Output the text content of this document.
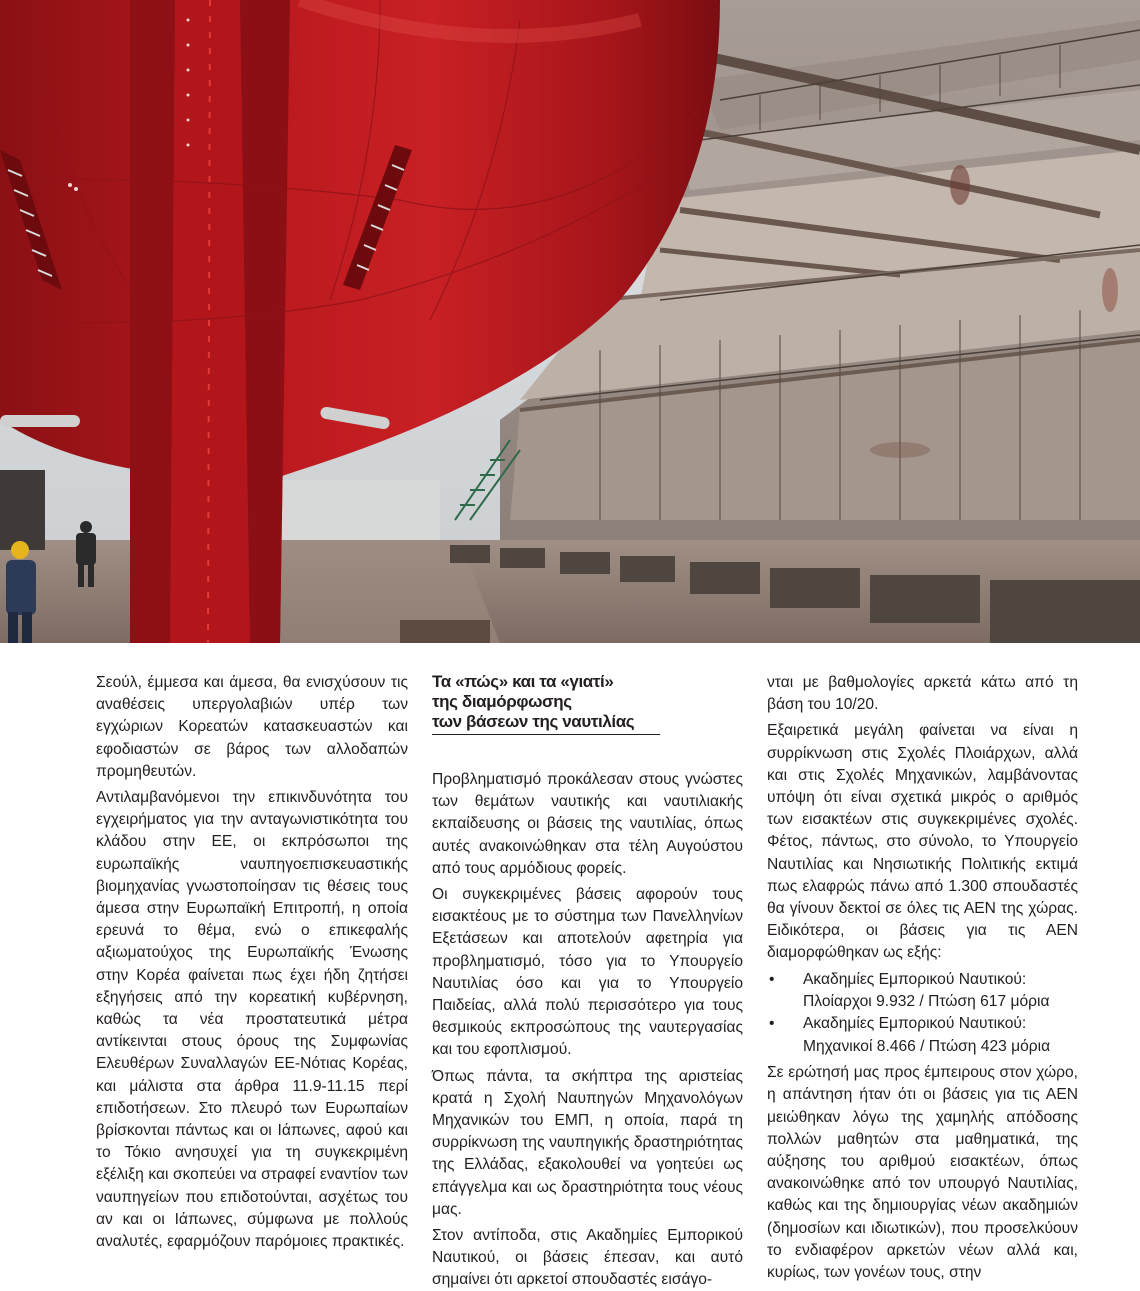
Σεούλ, έμμεσα και άμεσα, θα ενισχύσουν τις αναθέσεις υπεργολαβιών υπέρ των εγχώριων Κορεατών κατασκευαστών και εφοδιαστών σε βάρος των αλλοδαπών προμηθευτών.

Αντιλαμβανόμενοι την επικινδυνότητα του εγχειρήματος για την ανταγωνιστικότητα του κλάδου στην ΕΕ, οι εκπρόσωποι της ευρωπαϊκής ναυπηγοεπισκευαστικής βιομηχανίας γνωστοποίησαν τις θέσεις τους άμεσα στην Ευρωπαϊκή Επιτροπή, η οποία ερευνά το θέμα, ενώ ο επικεφαλής αξιωματούχος της Ευρωπαϊκής Ένωσης στην Κορέα φαίνεται πως έχει ήδη ζητήσει εξηγήσεις από την κορεατική κυβέρνηση, καθώς τα νέα προστατευτικά μέτρα αντίκεινται στους όρους της Συμφωνίας Ελευθέρων Συναλλαγών ΕΕ-Νότιας Κορέας, και μάλιστα στα άρθρα 11.9-11.15 περί επιδοτήσεων. Στο πλευρό των Ευρωπαίων βρίσκονται πάντως και οι Ιάπωνες, αφού και το Τόκιο ανησυχεί για τη συγκεκριμένη εξέλιξη και σκοπεύει να στραφεί εναντίον των ναυπηγείων που επιδοτούνται, ασχέτως του αν και οι Ιάπωνες, σύμφωνα με πολλούς αναλυτές, εφαρμόζουν παρόμοιες πρακτικές.

Τα «πώς» και τα «γιατί»
της διαμόρφωσης
των βάσεων της ναυτιλίας

Προβληματισμό προκάλεσαν στους γνώστες των θεμάτων ναυτικής και ναυτιλιακής εκπαίδευσης οι βάσεις της ναυτιλίας, όπως αυτές ανακοινώθηκαν στα τέλη Αυγούστου από τους αρμόδιους φορείς.

Οι συγκεκριμένες βάσεις αφορούν τους εισακτέους με το σύστημα των Πανελληνίων Εξετάσεων και αποτελούν αφετηρία για προβληματισμό, τόσο για το Υπουργείο Ναυτιλίας όσο και για το Υπουργείο Παιδείας, αλλά πολύ περισσότερο για τους θεσμικούς εκπροσώπους της ναυτεργασίας και του εφοπλισμού.

Όπως πάντα, τα σκήπτρα της αριστείας κρατά η Σχολή Ναυπηγών Μηχανολόγων Μηχανικών του ΕΜΠ, η οποία, παρά τη συρρίκνωση της ναυπηγικής δραστηριότητας της Ελλάδας, εξακολουθεί να γοητεύει ως επάγγελμα και ως δραστηριότητα τους νέους μας.

Στον αντίποδα, στις Ακαδημίες Εμπορικού Ναυτικού, οι βάσεις έπεσαν, και αυτό σημαίνει ότι αρκετοί σπουδαστές εισάγο-

νται με βαθμολογίες αρκετά κάτω από τη βάση του 10/20.

Εξαιρετικά μεγάλη φαίνεται να είναι η συρρίκνωση στις Σχολές Πλοιάρχων, αλλά και στις Σχολές Μηχανικών, λαμβάνοντας υπόψη ότι είναι σχετικά μικρός ο αριθμός των εισακτέων στις συγκεκριμένες σχολές. Φέτος, πάντως, στο σύνολο, το Υπουργείο Ναυτιλίας και Νησιωτικής Πολιτικής εκτιμά πως ελαφρώς πάνω από 1.300 σπουδαστές θα γίνουν δεκτοί σε όλες τις ΑΕΝ της χώρας. Ειδικότερα, οι βάσεις για τις ΑΕΝ διαμορφώθηκαν ως εξής:

• Ακαδημίες Εμπορικού Ναυτικού:
Πλοίαρχοι 9.932 / Πτώση 617 μόρια
• Ακαδημίες Εμπορικού Ναυτικού:
Μηχανικοί 8.466 / Πτώση 423 μόρια

Σε ερώτησή μας προς έμπειρους στον χώρο, η απάντηση ήταν ότι οι βάσεις για τις ΑΕΝ μειώθηκαν λόγω της χαμηλής απόδοσης πολλών μαθητών στα μαθηματικά, της αύξησης του αριθμού εισακτέων, όπως ανακοινώθηκε από τον υπουργό Ναυτιλίας, καθώς και της δημιουργίας νέων ακαδημιών (δημοσίων και ιδιωτικών), που προσελκύουν το ενδιαφέρον αρκετών νέων αλλά και, κυρίως, των γονέων τους, στην
